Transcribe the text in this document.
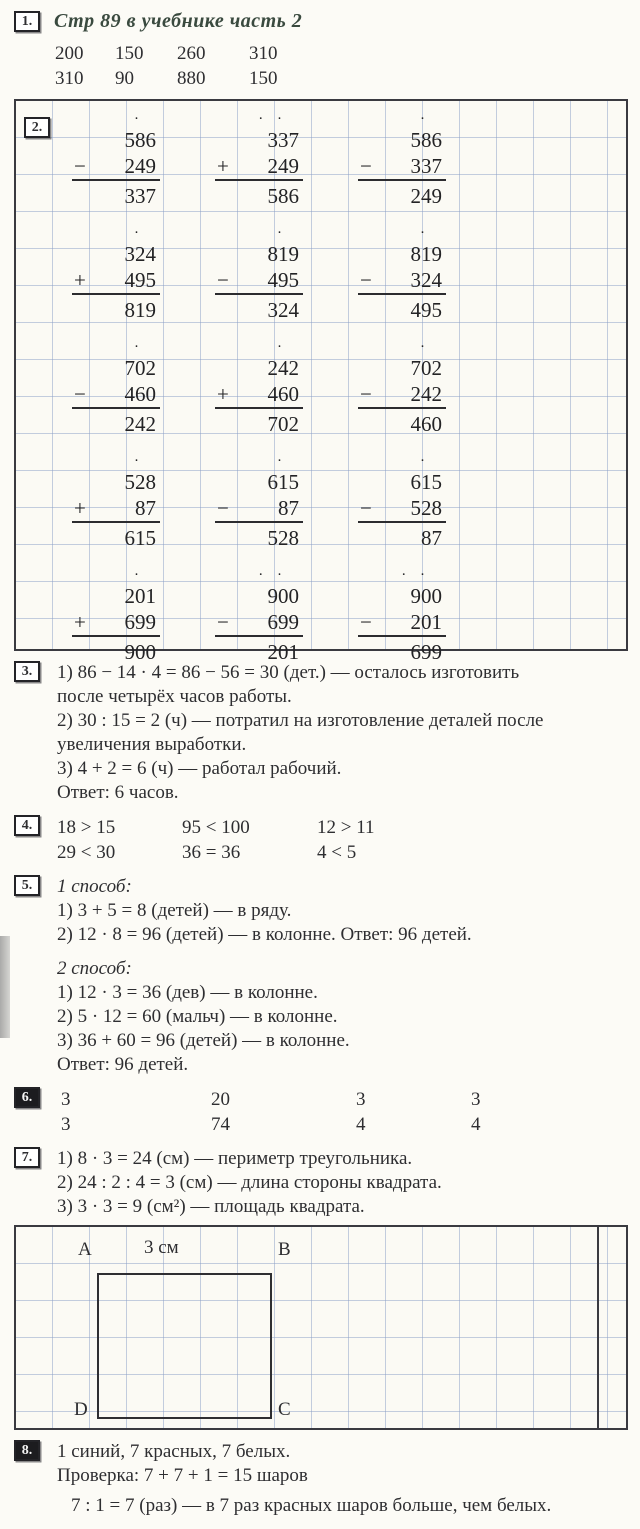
1.	Стр 89 в учебнике часть 2
200	150	260	310
310	90	880	150
2.	·
586
− 249
337
· ·
337
+ 249
586
·
586
− 337
249
·
324
+ 495
819
·
819
− 495
324
·
819
− 324
495
·
702
− 460
242
·
242
+ 460
702
·
702
− 242
460
·
528
+ 87
615
·
615
− 87
528
·
615
− 528
87
·
201
+ 699
900
· ·
900
− 699
201
· ·
900
− 201
699
3.	1) 86 − 14 · 4 = 86 − 56 = 30 (дет.) — осталось изготовить
после четырёх часов работы.
2) 30 : 15 = 2 (ч) — потратил на изготовление деталей после
увеличения выработки.
3) 4 + 2 = 6 (ч) — работал рабочий.
Ответ: 6 часов.
4.	18 > 15	95 < 100	12 > 11
29 < 30	36 = 36	4 < 5
5.	1 способ:
1) 3 + 5 = 8 (детей) — в ряду.
2) 12 · 8 = 96 (детей) — в колонне. Ответ: 96 детей.
2 способ:
1) 12 · 3 = 36 (дев) — в колонне.
2) 5 · 12 = 60 (мальч) — в колонне.
3) 36 + 60 = 96 (детей) — в колонне.
Ответ: 96 детей.
6.	3	20	3	3
3	74	4	4
7.	1) 8 · 3 = 24 (см) — периметр треугольника.
2) 24 : 2 : 4 = 3 (см) — длина стороны квадрата.
3) 3 · 3 = 9 (см²) — площадь квадрата.
A	3 см	B
D	C
8.	1 синий, 7 красных, 7 белых.
Проверка: 7 + 7 + 1 = 15 шаров
7 : 1 = 7 (раз) — в 7 раз красных шаров больше, чем белых.
